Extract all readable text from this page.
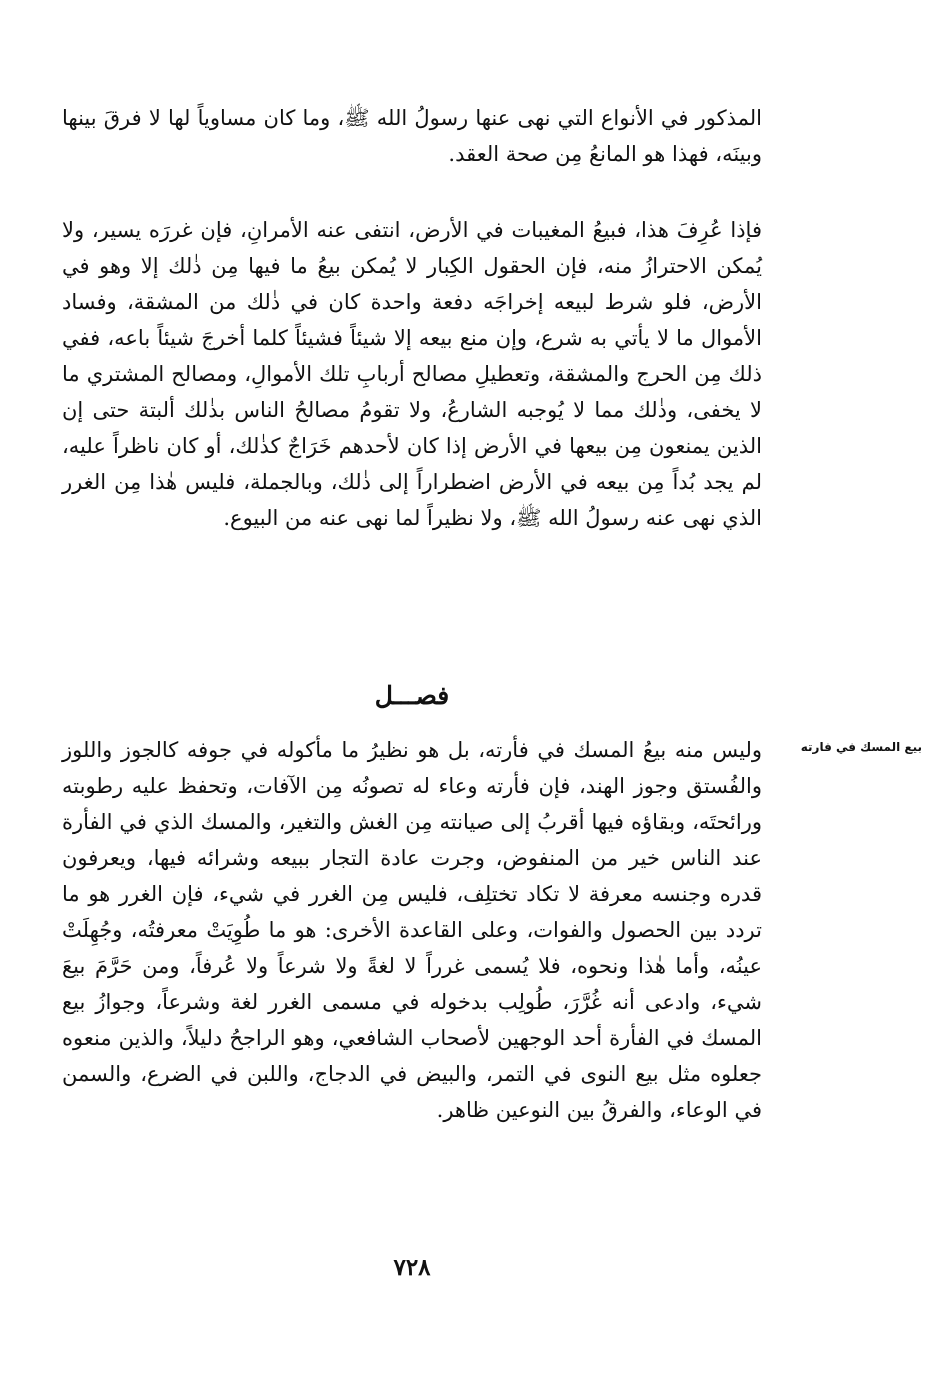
المذكور في الأنواع التي نهى عنها رسولُ الله ﷺ، وما كان مساوياً لها لا فرقَ بينها وبينَه، فهذا هو المانعُ مِن صحة العقد.

فإذا عُرِفَ هذا، فبيعُ المغيبات في الأرض، انتفى عنه الأمرانِ، فإن غررَه يسير، ولا يُمكن الاحترازُ منه، فإن الحقول الكِبار لا يُمكن بيعُ ما فيها مِن ذٰلك إلا وهو في الأرض، فلو شرط لبيعه إخراجَه دفعة واحدة كان في ذٰلك من المشقة، وفساد الأموال ما لا يأتي به شرع، وإن منع بيعه إلا شيئاً فشيئاً كلما أخرجَ شيئاً باعه، ففي ذلك مِن الحرج والمشقة، وتعطيلِ مصالح أربابِ تلك الأموالِ، ومصالح المشتري ما لا يخفى، وذٰلك مما لا يُوجبه الشارعُ، ولا تقومُ مصالحُ الناس بذٰلك ألبتة حتى إن الذين يمنعون مِن بيعها في الأرض إذا كان لأحدهم خَرَاجٌ كذٰلك، أو كان ناظراً عليه، لم يجد بُداً مِن بيعه في الأرض اضطراراً إلى ذٰلك، وبالجملة، فليس هٰذا مِن الغرر الذي نهى عنه رسولُ الله ﷺ، ولا نظيراً لما نهى عنه من البيوع.

فصـــل
بيع المسك في فارته

وليس منه بيعُ المسك في فأرته، بل هو نظيرُ ما مأكوله في جوفه كالجوز واللوز والفُستق وجوز الهند، فإن فأرته وعاء له تصونُه مِن الآفات، وتحفظ عليه رطوبته ورائحتَه، وبقاؤه فيها أقربُ إلى صيانته مِن الغش والتغير، والمسك الذي في الفأرة عند الناس خير من المنفوض، وجرت عادة التجار ببيعه وشرائه فيها، ويعرفون قدره وجنسه معرفة لا تكاد تختلِف، فليس مِن الغرر في شيء، فإن الغرر هو ما تردد بين الحصول والفوات، وعلى القاعدة الأخرى: هو ما طُوِيَتْ معرفتُه، وجُهِلَتْ عينُه، وأما هٰذا ونحوه، فلا يُسمى غرراً لا لغةً ولا شرعاً ولا عُرفاً، ومن حَرَّمَ بيعَ شيء، وادعى أنه غُرَّرَ، طُولِب بدخوله في مسمى الغرر لغة وشرعاً، وجوازُ بيع المسك في الفأرة أحد الوجهين لأصحاب الشافعي، وهو الراجحُ دليلاً، والذين منعوه جعلوه مثل بيع النوى في التمر، والبيض في الدجاج، واللبن في الضرع، والسمن في الوعاء، والفرقُ بين النوعين ظاهر.

٧٢٨
